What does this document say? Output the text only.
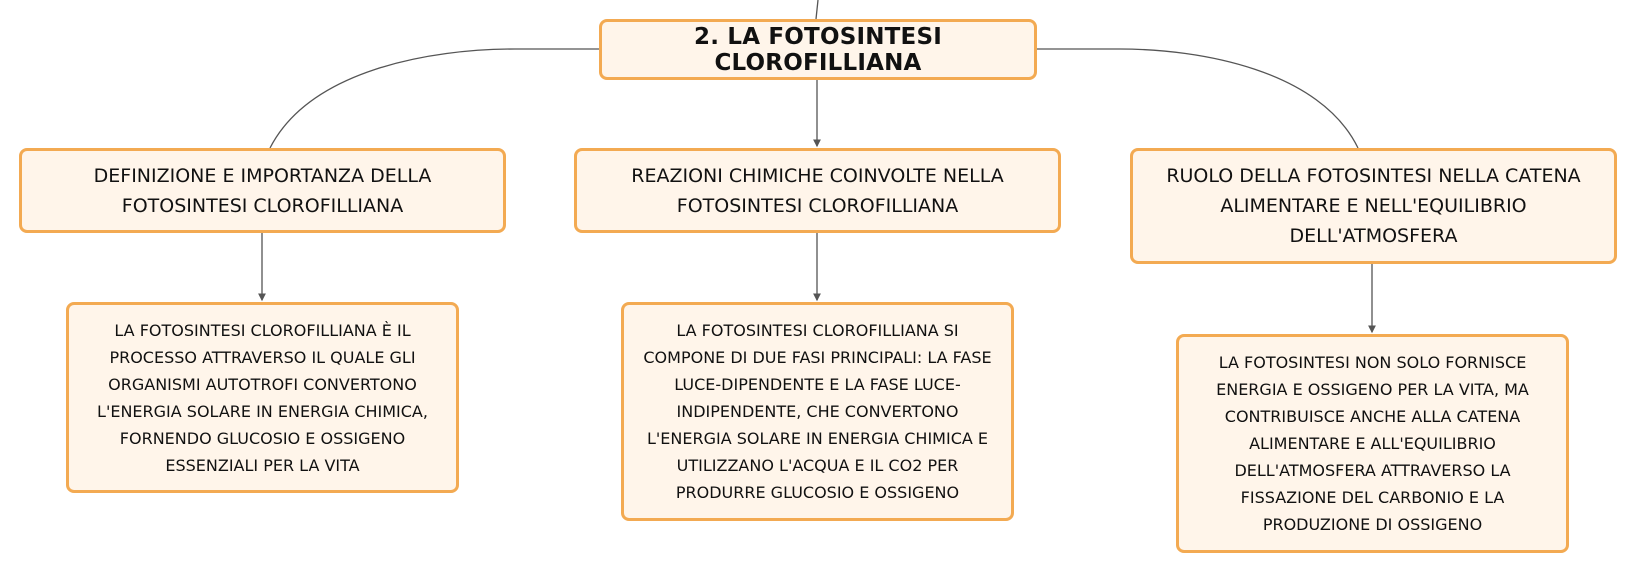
2. LA FOTOSINTESI CLOROFILLIANA
DEFINIZIONE E IMPORTANZA DELLA FOTOSINTESI CLOROFILLIANA
REAZIONI CHIMICHE COINVOLTE NELLA FOTOSINTESI CLOROFILLIANA
RUOLO DELLA FOTOSINTESI NELLA CATENA ALIMENTARE E NELL'EQUILIBRIO DELL'ATMOSFERA
LA FOTOSINTESI CLOROFILLIANA È IL PROCESSO ATTRAVERSO IL QUALE GLI ORGANISMI AUTOTROFI CONVERTONO L'ENERGIA SOLARE IN ENERGIA CHIMICA, FORNENDO GLUCOSIO E OSSIGENO ESSENZIALI PER LA VITA
LA FOTOSINTESI CLOROFILLIANA SI COMPONE DI DUE FASI PRINCIPALI: LA FASE LUCE-DIPENDENTE E LA FASE LUCE-INDIPENDENTE, CHE CONVERTONO L'ENERGIA SOLARE IN ENERGIA CHIMICA E UTILIZZANO L'ACQUA E IL CO2 PER PRODURRE GLUCOSIO E OSSIGENO
LA FOTOSINTESI NON SOLO FORNISCE ENERGIA E OSSIGENO PER LA VITA, MA CONTRIBUISCE ANCHE ALLA CATENA ALIMENTARE E ALL'EQUILIBRIO DELL'ATMOSFERA ATTRAVERSO LA FISSAZIONE DEL CARBONIO E LA PRODUZIONE DI OSSIGENO
